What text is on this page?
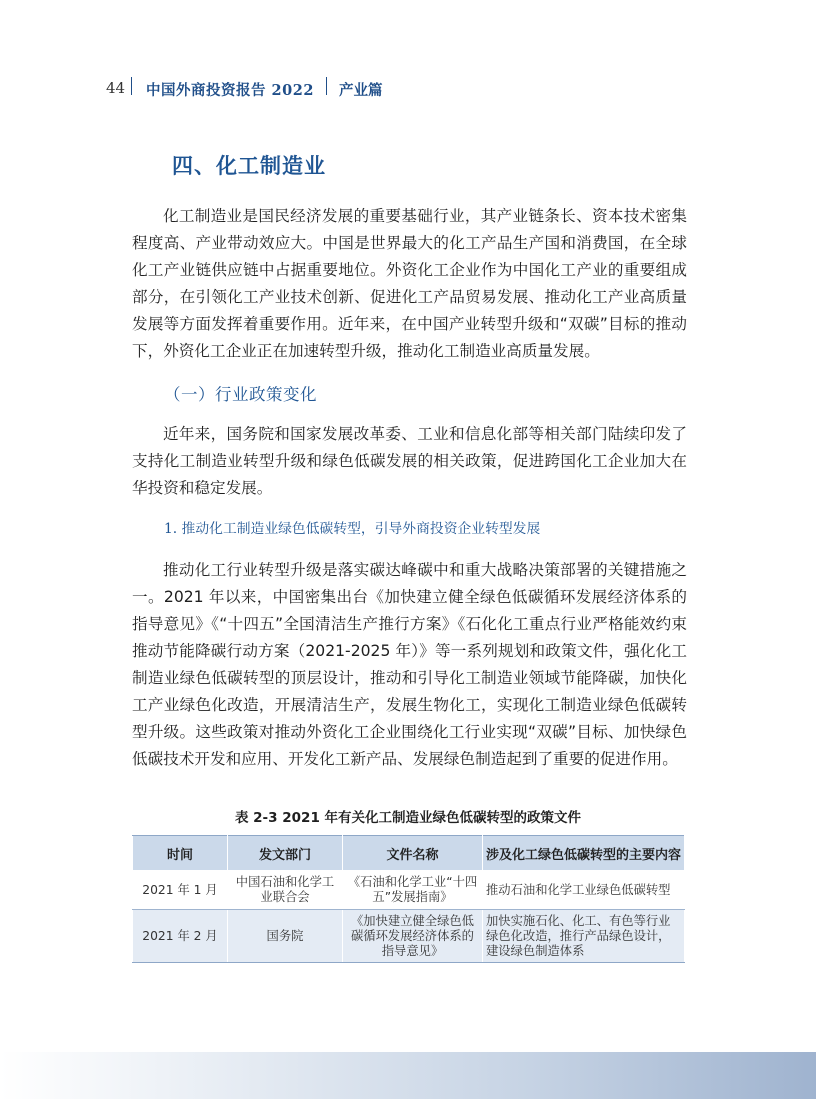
44 中国外商投资报告 2022 产业篇
四、化工制造业

化工制造业是国民经济发展的重要基础行业，其产业链条长、资本技术密集程度高、产业带动效应大。中国是世界最大的化工产品生产国和消费国，在全球化工产业链供应链中占据重要地位。外资化工企业作为中国化工产业的重要组成部分，在引领化工产业技术创新、促进化工产品贸易发展、推动化工产业高质量发展等方面发挥着重要作用。近年来，在中国产业转型升级和“双碳”目标的推动下，外资化工企业正在加速转型升级，推动化工制造业高质量发展。

（一）行业政策变化

近年来，国务院和国家发展改革委、工业和信息化部等相关部门陆续印发了支持化工制造业转型升级和绿色低碳发展的相关政策，促进跨国化工企业加大在华投资和稳定发展。

1. 推动化工制造业绿色低碳转型，引导外商投资企业转型发展

推动化工行业转型升级是落实碳达峰碳中和重大战略决策部署的关键措施之一。2021 年以来，中国密集出台《加快建立健全绿色低碳循环发展经济体系的指导意见》《“十四五”全国清洁生产推行方案》《石化化工重点行业严格能效约束推动节能降碳行动方案（2021-2025 年）》等一系列规划和政策文件，强化化工制造业绿色低碳转型的顶层设计，推动和引导化工制造业领域节能降碳，加快化工产业绿色化改造，开展清洁生产，发展生物化工，实现化工制造业绿色低碳转型升级。这些政策对推动外资化工企业围绕化工行业实现“双碳”目标、加快绿色低碳技术开发和应用、开发化工新产品、发展绿色制造起到了重要的促进作用。

表 2-3 2021 年有关化工制造业绿色低碳转型的政策文件
时间	发文部门	文件名称	涉及化工绿色低碳转型的主要内容
2021 年 1 月	中国石油和化学工业联合会	《石油和化学工业“十四五”发展指南》	推动石油和化学工业绿色低碳转型
2021 年 2 月	国务院	《加快建立健全绿色低碳循环发展经济体系的指导意见》	加快实施石化、化工、有色等行业绿色化改造，推行产品绿色设计，建设绿色制造体系
